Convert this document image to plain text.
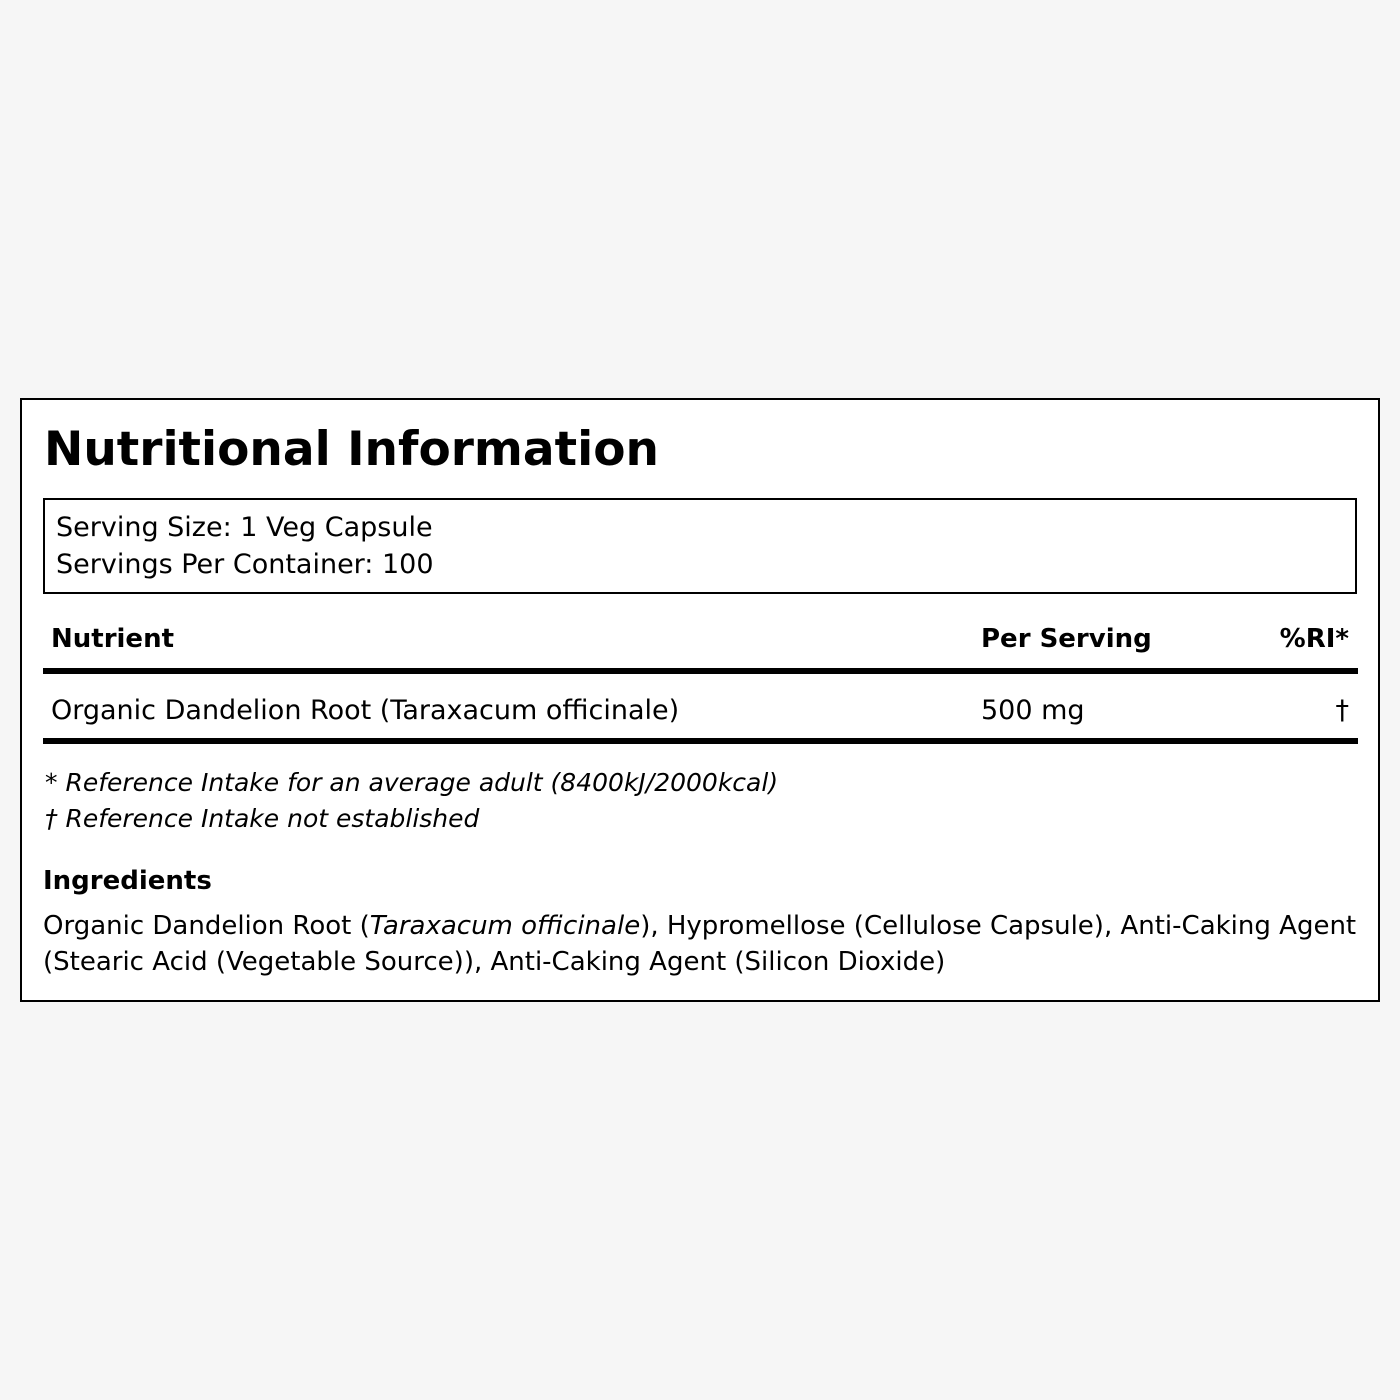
Nutritional Information
Serving Size: 1 Veg Capsule
Servings Per Container: 100
Nutrient	Per Serving	%RI*
Organic Dandelion Root (Taraxacum officinale)	500 mg	†
* Reference Intake for an average adult (8400kJ/2000kcal)
† Reference Intake not established
Ingredients
Organic Dandelion Root (Taraxacum officinale), Hypromellose (Cellulose Capsule), Anti-Caking Agent (Stearic Acid (Vegetable Source)), Anti-Caking Agent (Silicon Dioxide)
